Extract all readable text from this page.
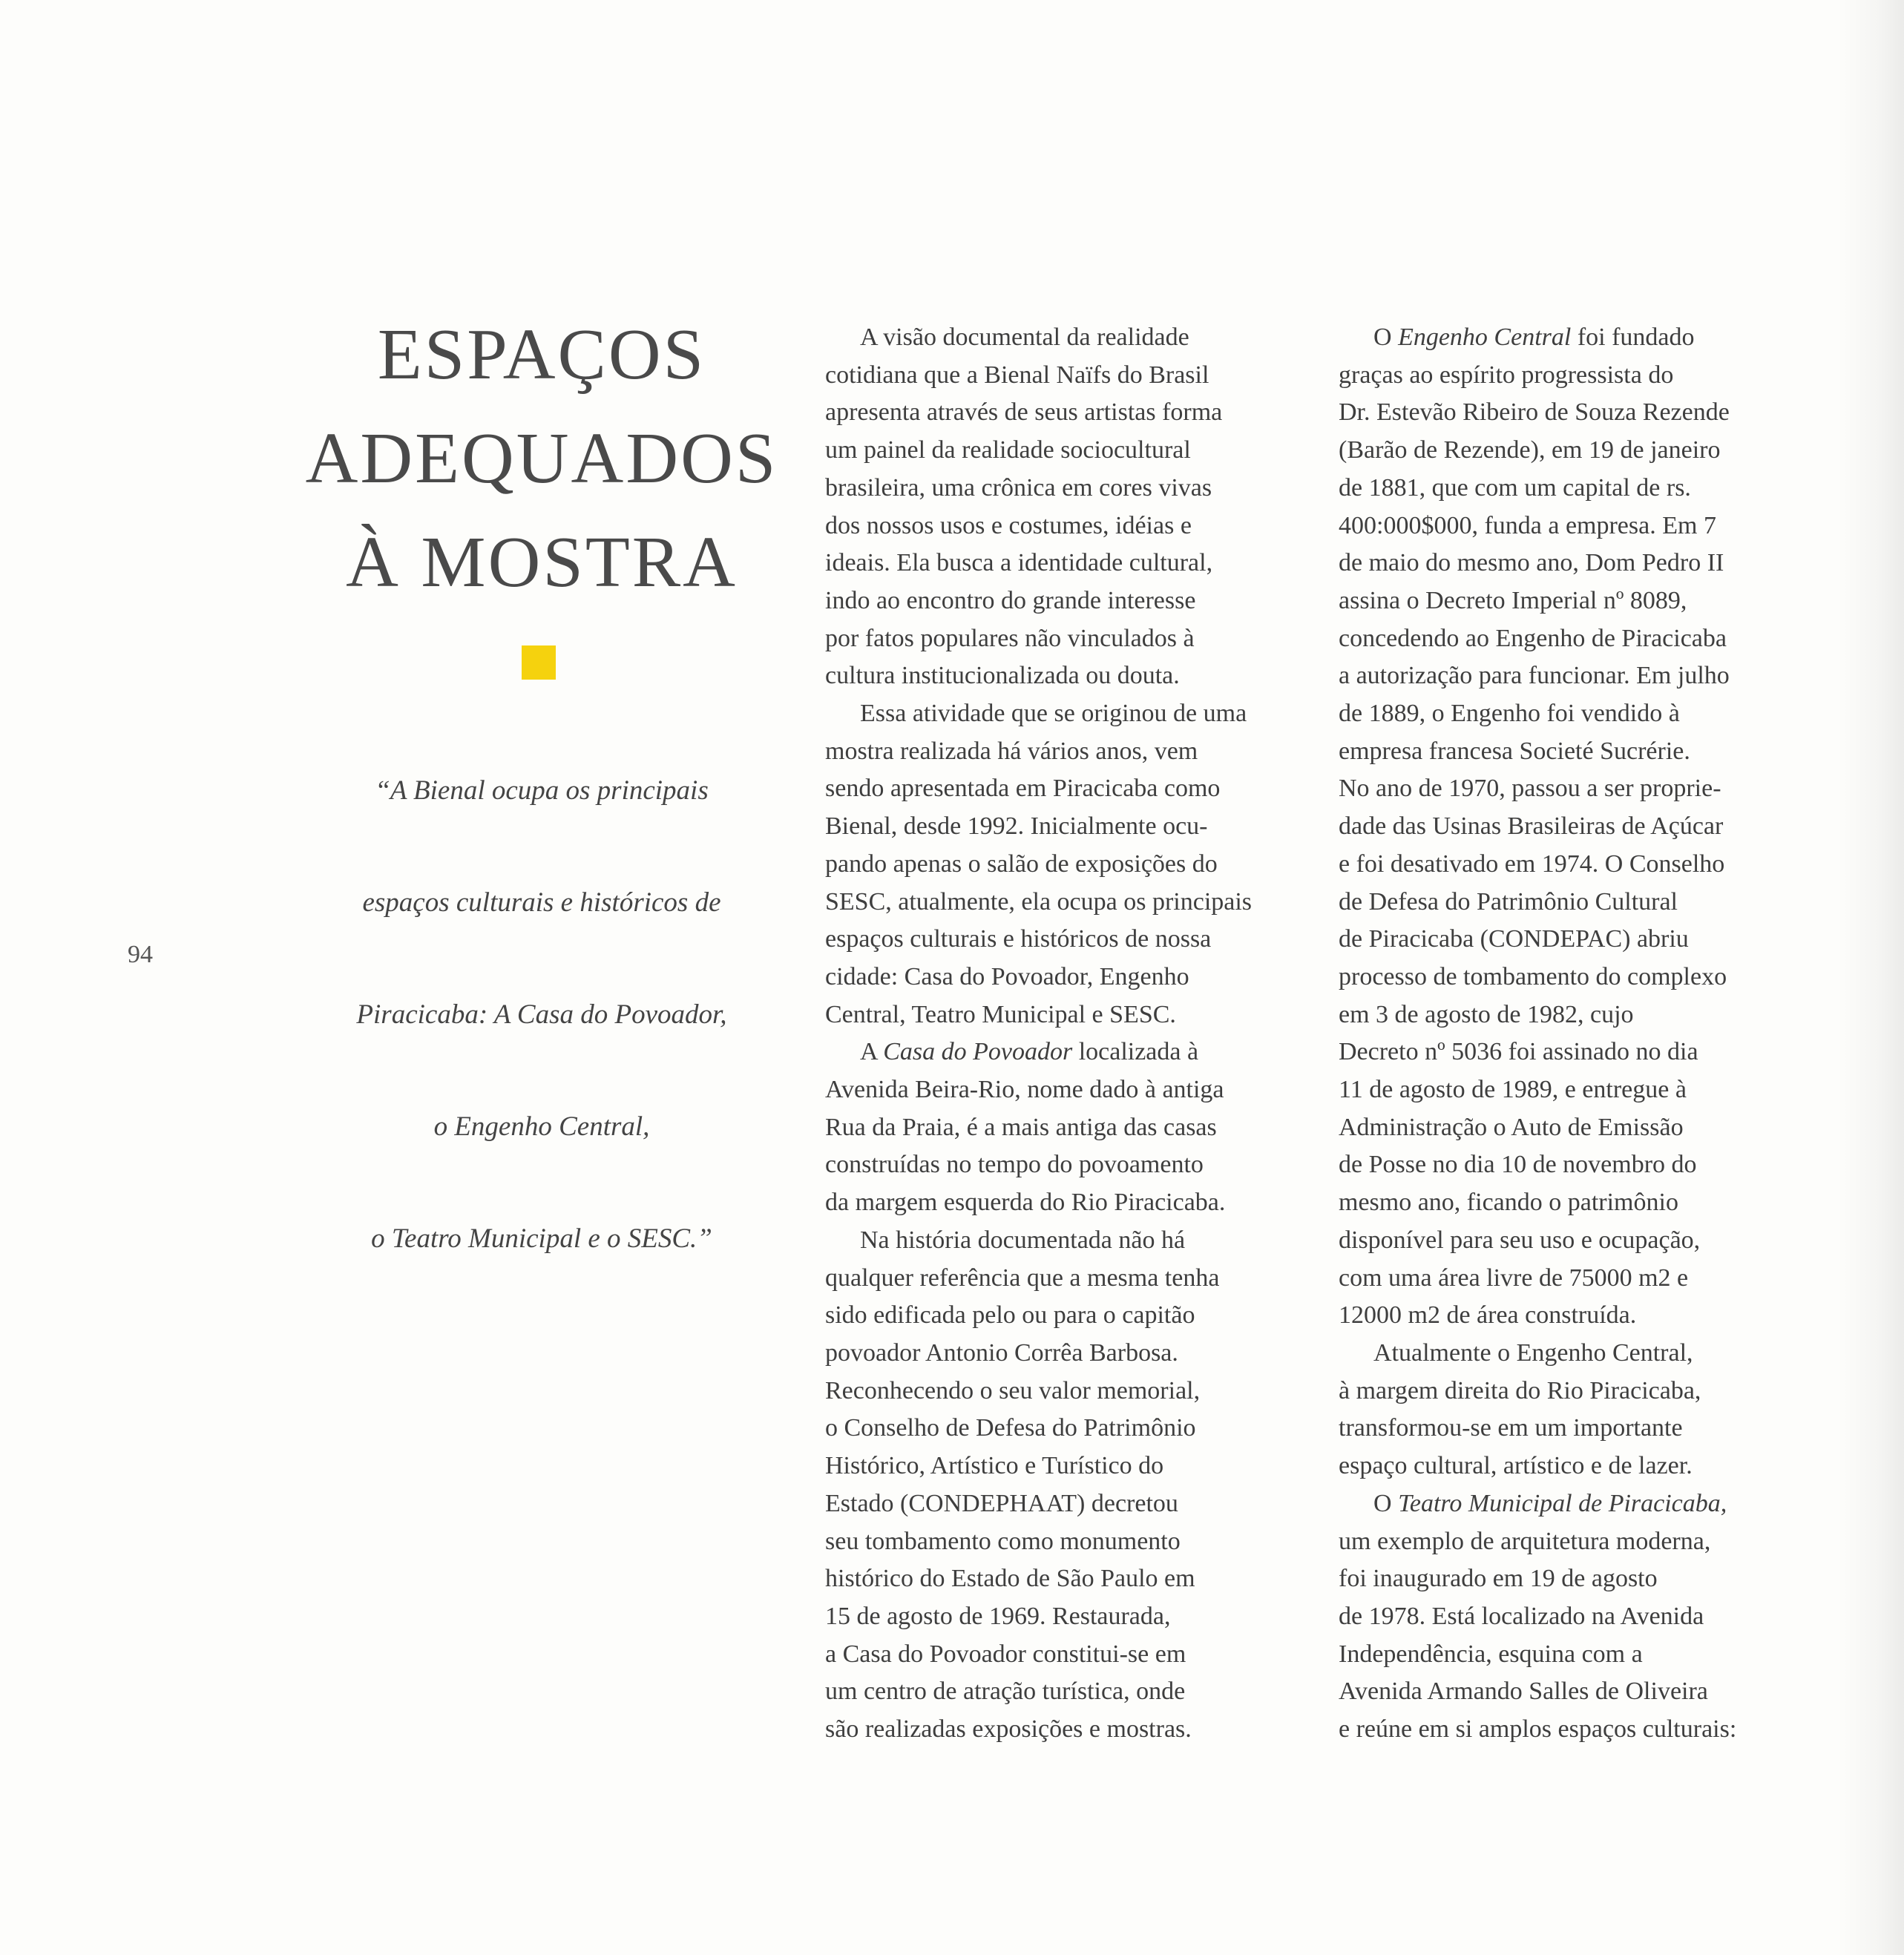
94
ESPAÇOS
ADEQUADOS
À MOSTRA
“A Bienal ocupa os principais
espaços culturais e históricos de
Piracicaba: A Casa do Povoador,
o Engenho Central,
o Teatro Municipal e o SESC.”
A visão documental da realidade
cotidiana que a Bienal Naïfs do Brasil
apresenta através de seus artistas forma
um painel da realidade sociocultural
brasileira, uma crônica em cores vivas
dos nossos usos e costumes, idéias e
ideais. Ela busca a identidade cultural,
indo ao encontro do grande interesse
por fatos populares não vinculados à
cultura institucionalizada ou douta.
Essa atividade que se originou de uma
mostra realizada há vários anos, vem
sendo apresentada em Piracicaba como
Bienal, desde 1992. Inicialmente ocu-
pando apenas o salão de exposições do
SESC, atualmente, ela ocupa os principais
espaços culturais e históricos de nossa
cidade: Casa do Povoador, Engenho
Central, Teatro Municipal e SESC.
A Casa do Povoador localizada à
Avenida Beira-Rio, nome dado à antiga
Rua da Praia, é a mais antiga das casas
construídas no tempo do povoamento
da margem esquerda do Rio Piracicaba.
Na história documentada não há
qualquer referência que a mesma tenha
sido edificada pelo ou para o capitão
povoador Antonio Corrêa Barbosa.
Reconhecendo o seu valor memorial,
o Conselho de Defesa do Patrimônio
Histórico, Artístico e Turístico do
Estado (CONDEPHAAT) decretou
seu tombamento como monumento
histórico do Estado de São Paulo em
15 de agosto de 1969. Restaurada,
a Casa do Povoador constitui-se em
um centro de atração turística, onde
são realizadas exposições e mostras.
O Engenho Central foi fundado
graças ao espírito progressista do
Dr. Estevão Ribeiro de Souza Rezende
(Barão de Rezende), em 19 de janeiro
de 1881, que com um capital de rs.
400:000$000, funda a empresa. Em 7
de maio do mesmo ano, Dom Pedro II
assina o Decreto Imperial nº 8089,
concedendo ao Engenho de Piracicaba
a autorização para funcionar. Em julho
de 1889, o Engenho foi vendido à
empresa francesa Societé Sucrérie.
No ano de 1970, passou a ser proprie-
dade das Usinas Brasileiras de Açúcar
e foi desativado em 1974. O Conselho
de Defesa do Patrimônio Cultural
de Piracicaba (CONDEPAC) abriu
processo de tombamento do complexo
em 3 de agosto de 1982, cujo
Decreto nº 5036 foi assinado no dia
11 de agosto de 1989, e entregue à
Administração o Auto de Emissão
de Posse no dia 10 de novembro do
mesmo ano, ficando o patrimônio
disponível para seu uso e ocupação,
com uma área livre de 75000 m2 e
12000 m2 de área construída.
Atualmente o Engenho Central,
à margem direita do Rio Piracicaba,
transformou-se em um importante
espaço cultural, artístico e de lazer.
O Teatro Municipal de Piracicaba,
um exemplo de arquitetura moderna,
foi inaugurado em 19 de agosto
de 1978. Está localizado na Avenida
Independência, esquina com a
Avenida Armando Salles de Oliveira
e reúne em si amplos espaços culturais:
